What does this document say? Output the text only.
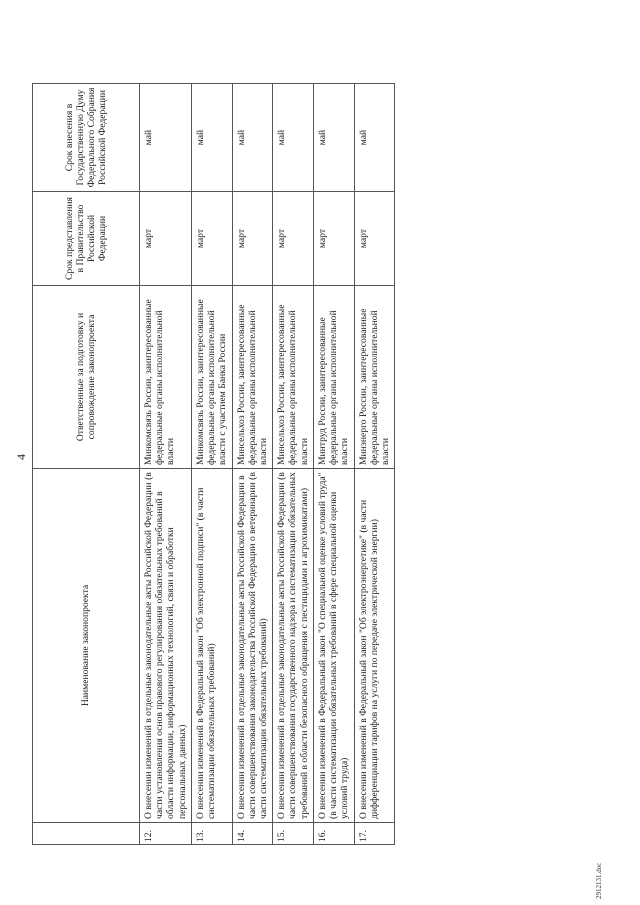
4
	Наименование законопроекта	Ответственные за подготовку и сопровождение законопроекта	Срок представления в Правительство Российской Федерации	Срок внесения в Государственную Думу Федерального Собрания Российской Федерации
12.	О внесении изменений в отдельные законодательные акты Российской Федерации (в части установления основ правового регулирования обязательных требований в области информации, информационных технологий, связи и обработки персональных данных)	Минкомсвязь России, заинтересованные федеральные органы исполнительной власти	март	май
13.	О внесении изменений в Федеральный закон "Об электронной подписи" (в части систематизации обязательных требований)	Минкомсвязь России, заинтересованные федеральные органы исполнительной власти с участием Банка России	март	май
14.	О внесении изменений в отдельные законодательные акты Российской Федерации в части совершенствования законодательства Российской Федерации о ветеринарии (в части систематизации обязательных требований)	Минсельхоз России, заинтересованные федеральные органы исполнительной власти	март	май
15.	О внесении изменений в отдельные законодательные акты Российской Федерации (в части совершенствования государственного надзора и систематизации обязательных требований в области безопасного обращения с пестицидами и агрохимикатами)	Минсельхоз России, заинтересованные федеральные органы исполнительной власти	март	май
16.	О внесении изменений в Федеральный закон "О специальной оценке условий труда" (в части систематизации обязательных требований в сфере специальной оценки условий труда)	Минтруд России, заинтересованные федеральные органы исполнительной власти	март	май
17.	О внесении изменений в Федеральный закон "Об электроэнергетике" (в части дифференциации тарифов на услуги по передаче электрической энергии)	Минэнерго России, заинтересованные федеральные органы исполнительной власти	март	май
2912131.doc
